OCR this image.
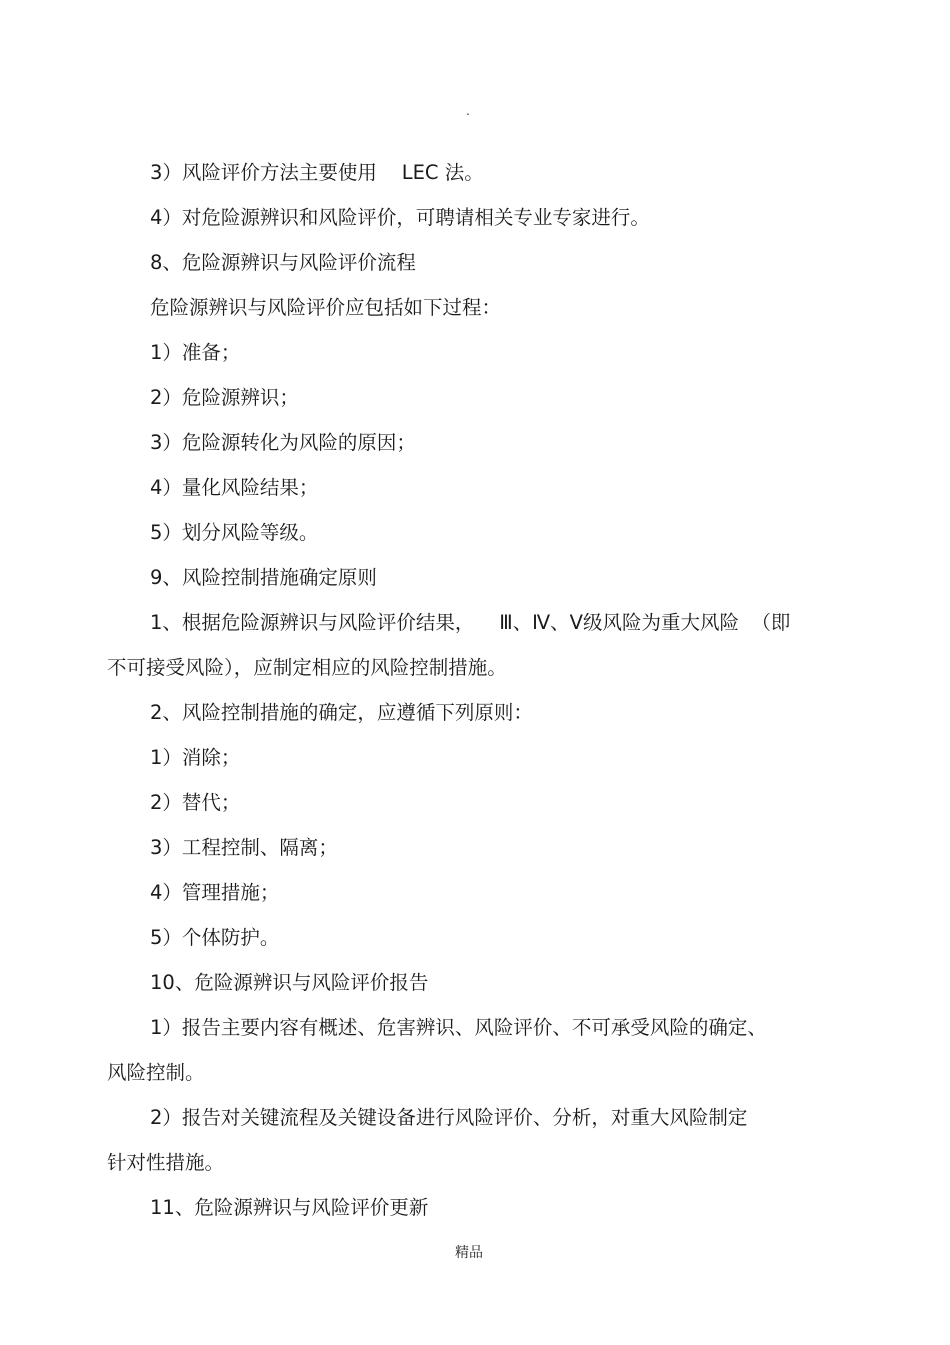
.
3）风险评价方法主要使用    LEC 法。
4）对危险源辨识和风险评价，可聘请相关专业专家进行。
8、危险源辨识与风险评价流程
危险源辨识与风险评价应包括如下过程：
1）准备；
2）危险源辨识；
3）危险源转化为风险的原因；
4）量化风险结果；
5）划分风险等级。
9、风险控制措施确定原则
1、根据危险源辨识与风险评价结果，    Ⅲ、Ⅳ、Ⅴ级风险为重大风险  （即
不可接受风险），应制定相应的风险控制措施。
2、风险控制措施的确定，应遵循下列原则：
1）消除；
2）替代；
3）工程控制、隔离；
4）管理措施；
5）个体防护。
10、危险源辨识与风险评价报告
1）报告主要内容有概述、危害辨识、风险评价、不可承受风险的确定、
风险控制。
2）报告对关键流程及关键设备进行风险评价、分析，对重大风险制定
针对性措施。
11、危险源辨识与风险评价更新
精品
